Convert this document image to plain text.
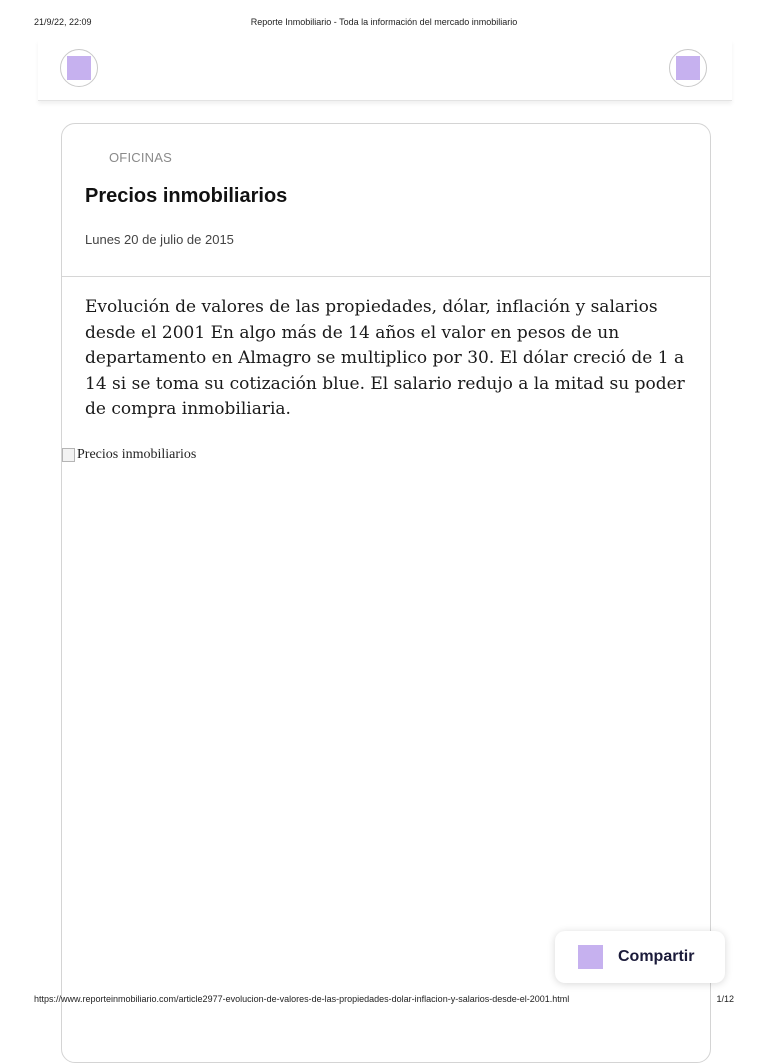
21/9/22, 22:09	Reporte Inmobiliario - Toda la información del mercado inmobiliario
OFICINAS
Precios inmobiliarios
Lunes 20 de julio de 2015

Evolución de valores de las propiedades, dólar, inflación y salarios desde el 2001 En algo más de 14 años el valor en pesos de un departamento en Almagro se multiplico por 30. El dólar creció de 1 a 14 si se toma su cotización blue. El salario redujo a la mitad su poder de compra inmobiliaria.

Precios inmobiliarios
Compartir
https://www.reporteinmobiliario.com/article2977-evolucion-de-valores-de-las-propiedades-dolar-inflacion-y-salarios-desde-el-2001.html	1/12
